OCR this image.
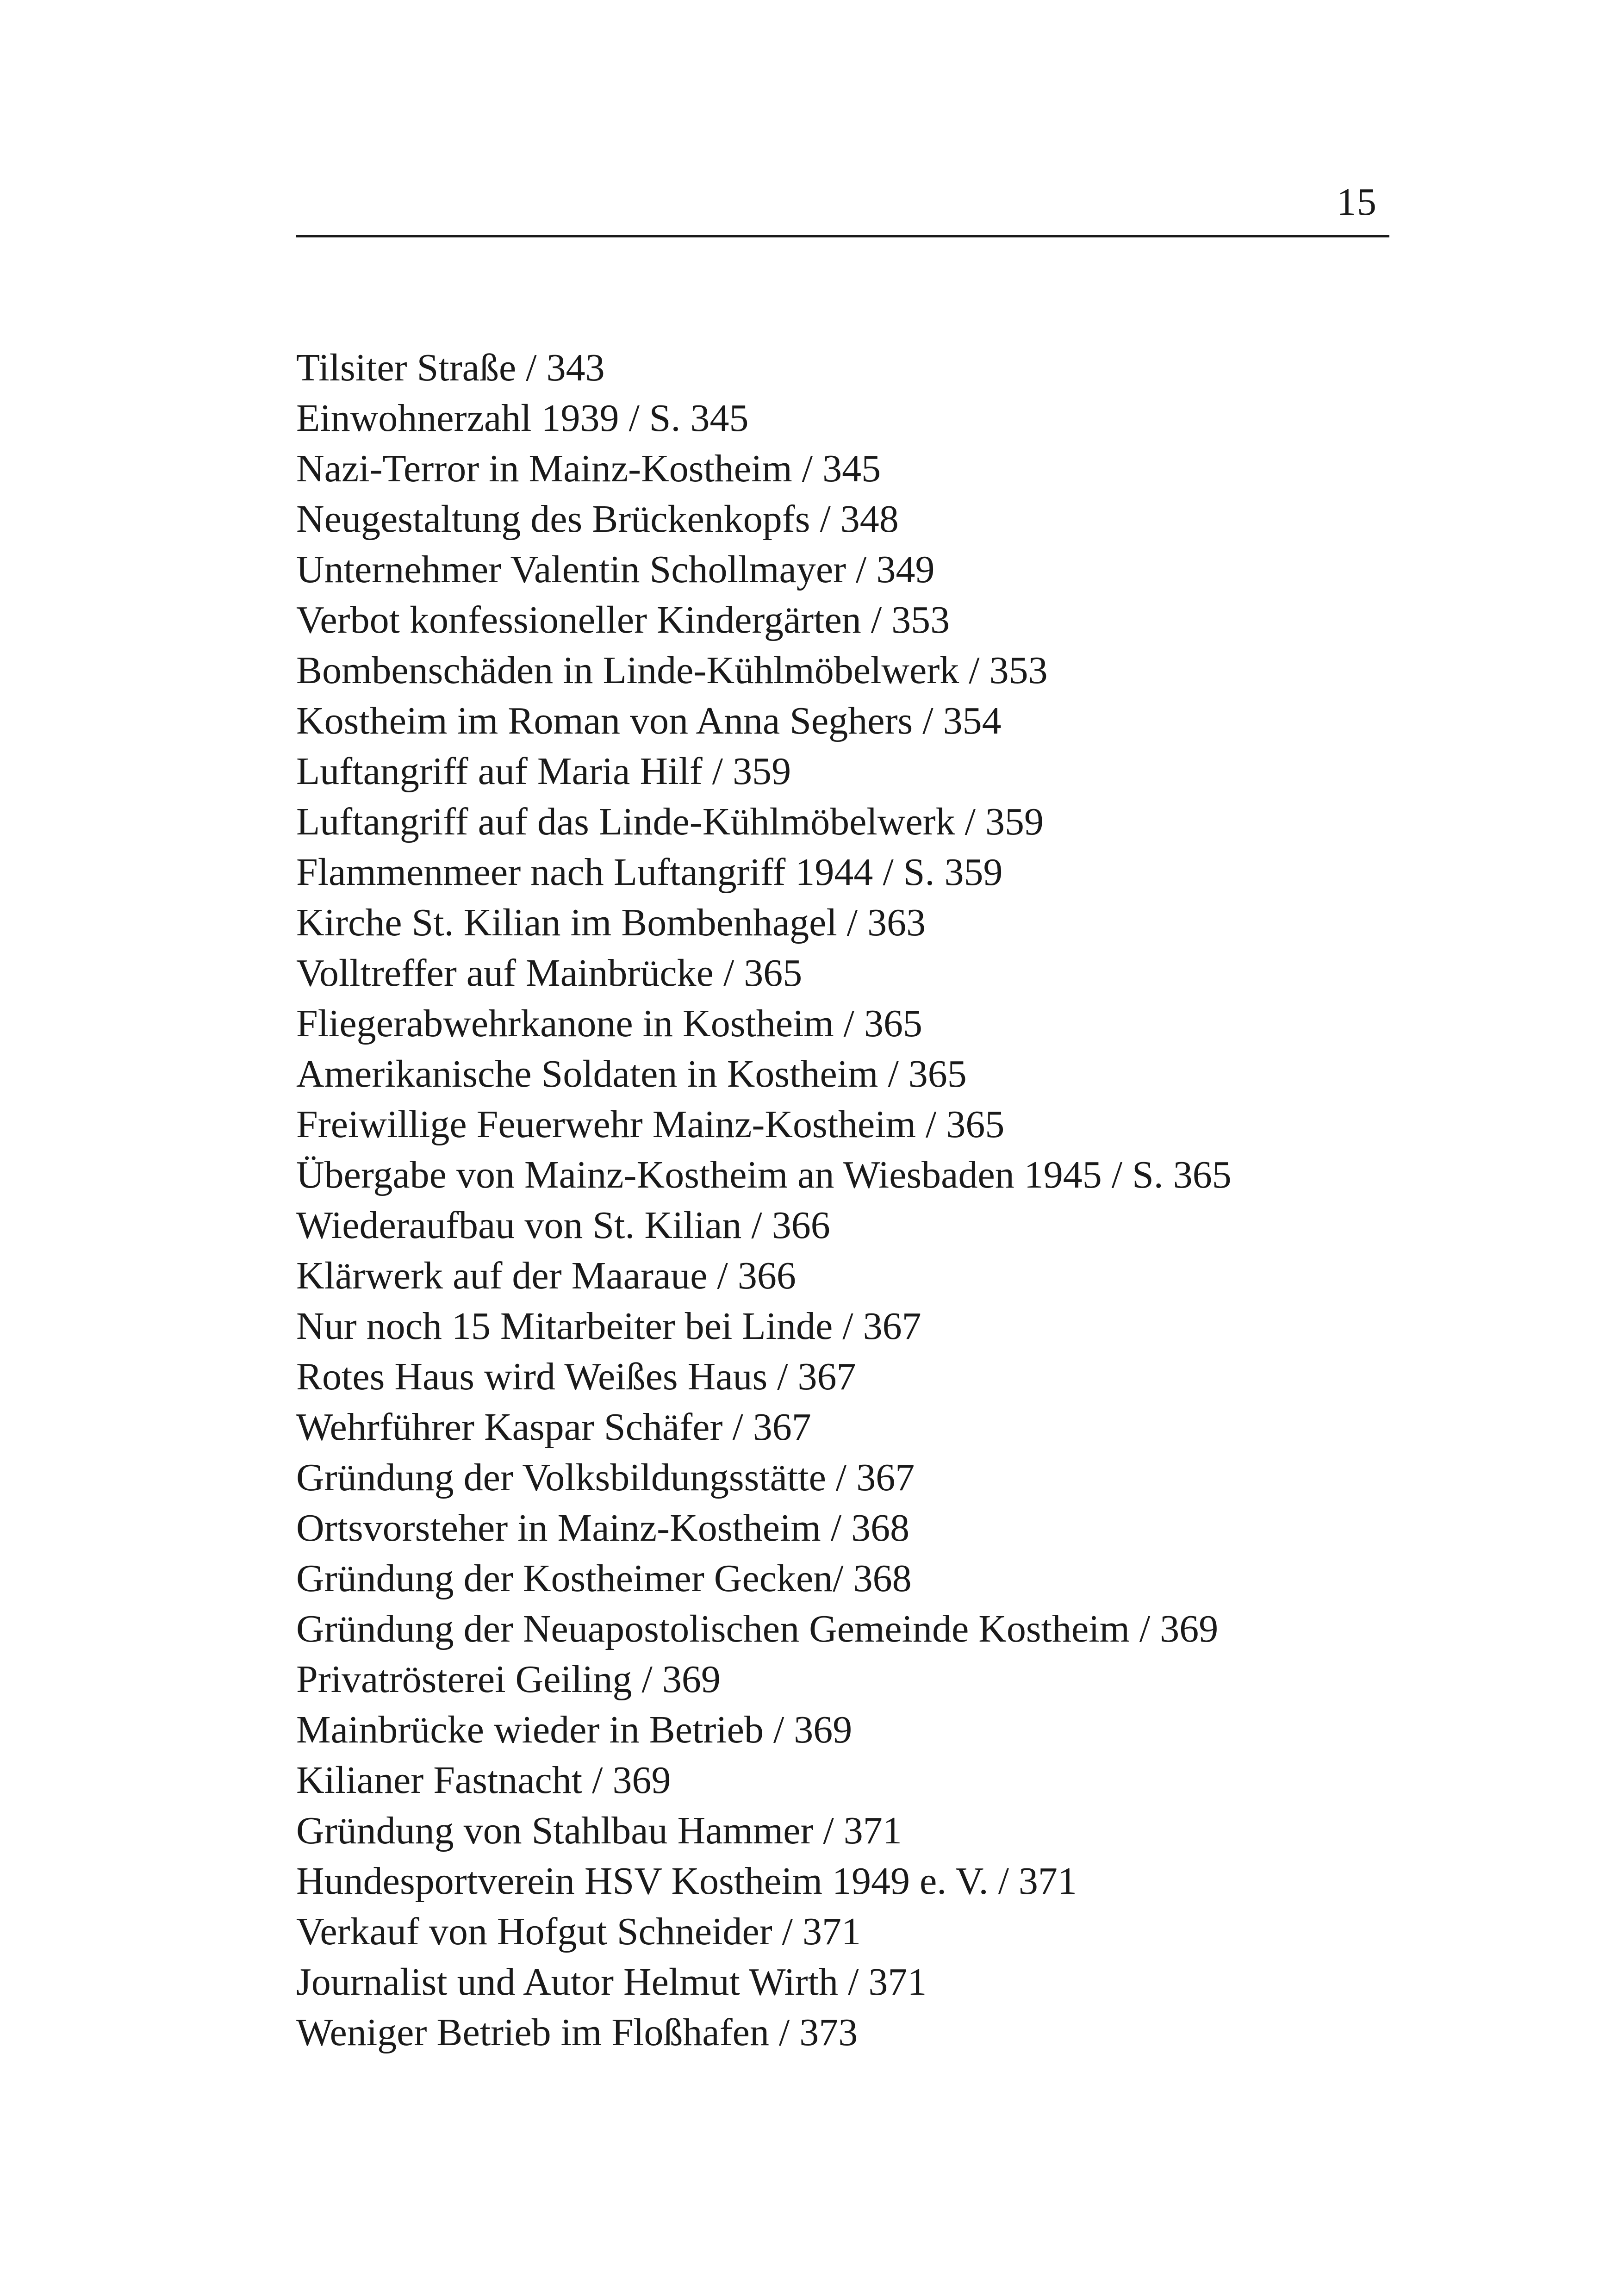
15
Tilsiter Straße / 343
Einwohnerzahl 1939 / S. 345
Nazi-Terror in Mainz-Kostheim / 345
Neugestaltung des Brückenkopfs / 348
Unternehmer Valentin Schollmayer / 349
Verbot konfessioneller Kindergärten / 353
Bombenschäden in Linde-Kühlmöbelwerk / 353
Kostheim im Roman von Anna Seghers / 354
Luftangriff auf Maria Hilf / 359
Luftangriff auf das Linde-Kühlmöbelwerk / 359
Flammenmeer nach Luftangriff 1944 / S. 359
Kirche St. Kilian im Bombenhagel / 363
Volltreffer auf Mainbrücke / 365
Fliegerabwehrkanone in Kostheim / 365
Amerikanische Soldaten in Kostheim / 365
Freiwillige Feuerwehr Mainz-Kostheim / 365
Übergabe von Mainz-Kostheim an Wiesbaden 1945 / S. 365
Wiederaufbau von St. Kilian / 366
Klärwerk auf der Maaraue / 366
Nur noch 15 Mitarbeiter bei Linde / 367
Rotes Haus wird Weißes Haus / 367
Wehrführer Kaspar Schäfer / 367
Gründung der Volksbildungsstätte / 367
Ortsvorsteher in Mainz-Kostheim / 368
Gründung der Kostheimer Gecken/ 368
Gründung der Neuapostolischen Gemeinde Kostheim / 369
Privatrösterei Geiling / 369
Mainbrücke wieder in Betrieb / 369
Kilianer Fastnacht / 369
Gründung von Stahlbau Hammer / 371
Hundesportverein HSV Kostheim 1949 e. V. / 371
Verkauf von Hofgut Schneider / 371
Journalist und Autor Helmut Wirth / 371
Weniger Betrieb im Floßhafen / 373
